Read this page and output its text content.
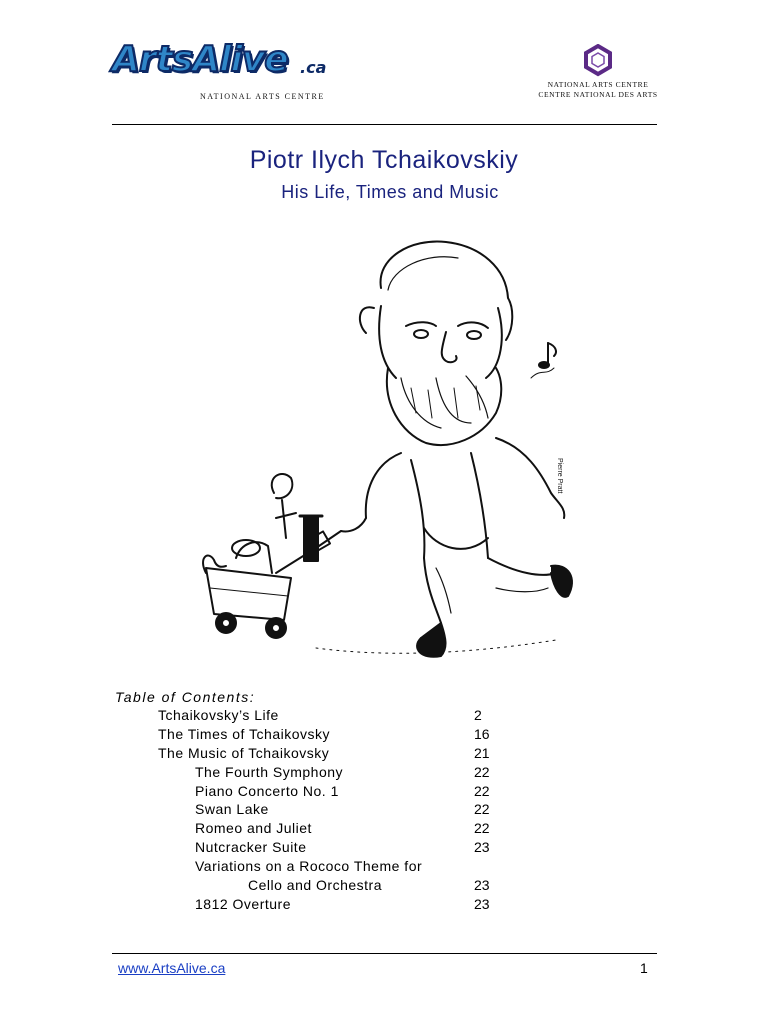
ArtsAlive .ca
NATIONAL ARTS CENTRE
NATIONAL ARTS CENTRE
CENTRE NATIONAL DES ARTS
Piotr Ilych Tchaikovskiy
His Life, Times and Music
Pierre Pratt
Table of Contents:
Tchaikovsky’s Life	2
The Times of Tchaikovsky	16
The Music of Tchaikovsky	21
The Fourth Symphony	22
Piano Concerto No. 1	22
Swan Lake	22
Romeo and Juliet	22
Nutcracker Suite	23
Variations on a Rococo Theme for
Cello and Orchestra	23
1812 Overture	23
www.ArtsAlive.ca	1
